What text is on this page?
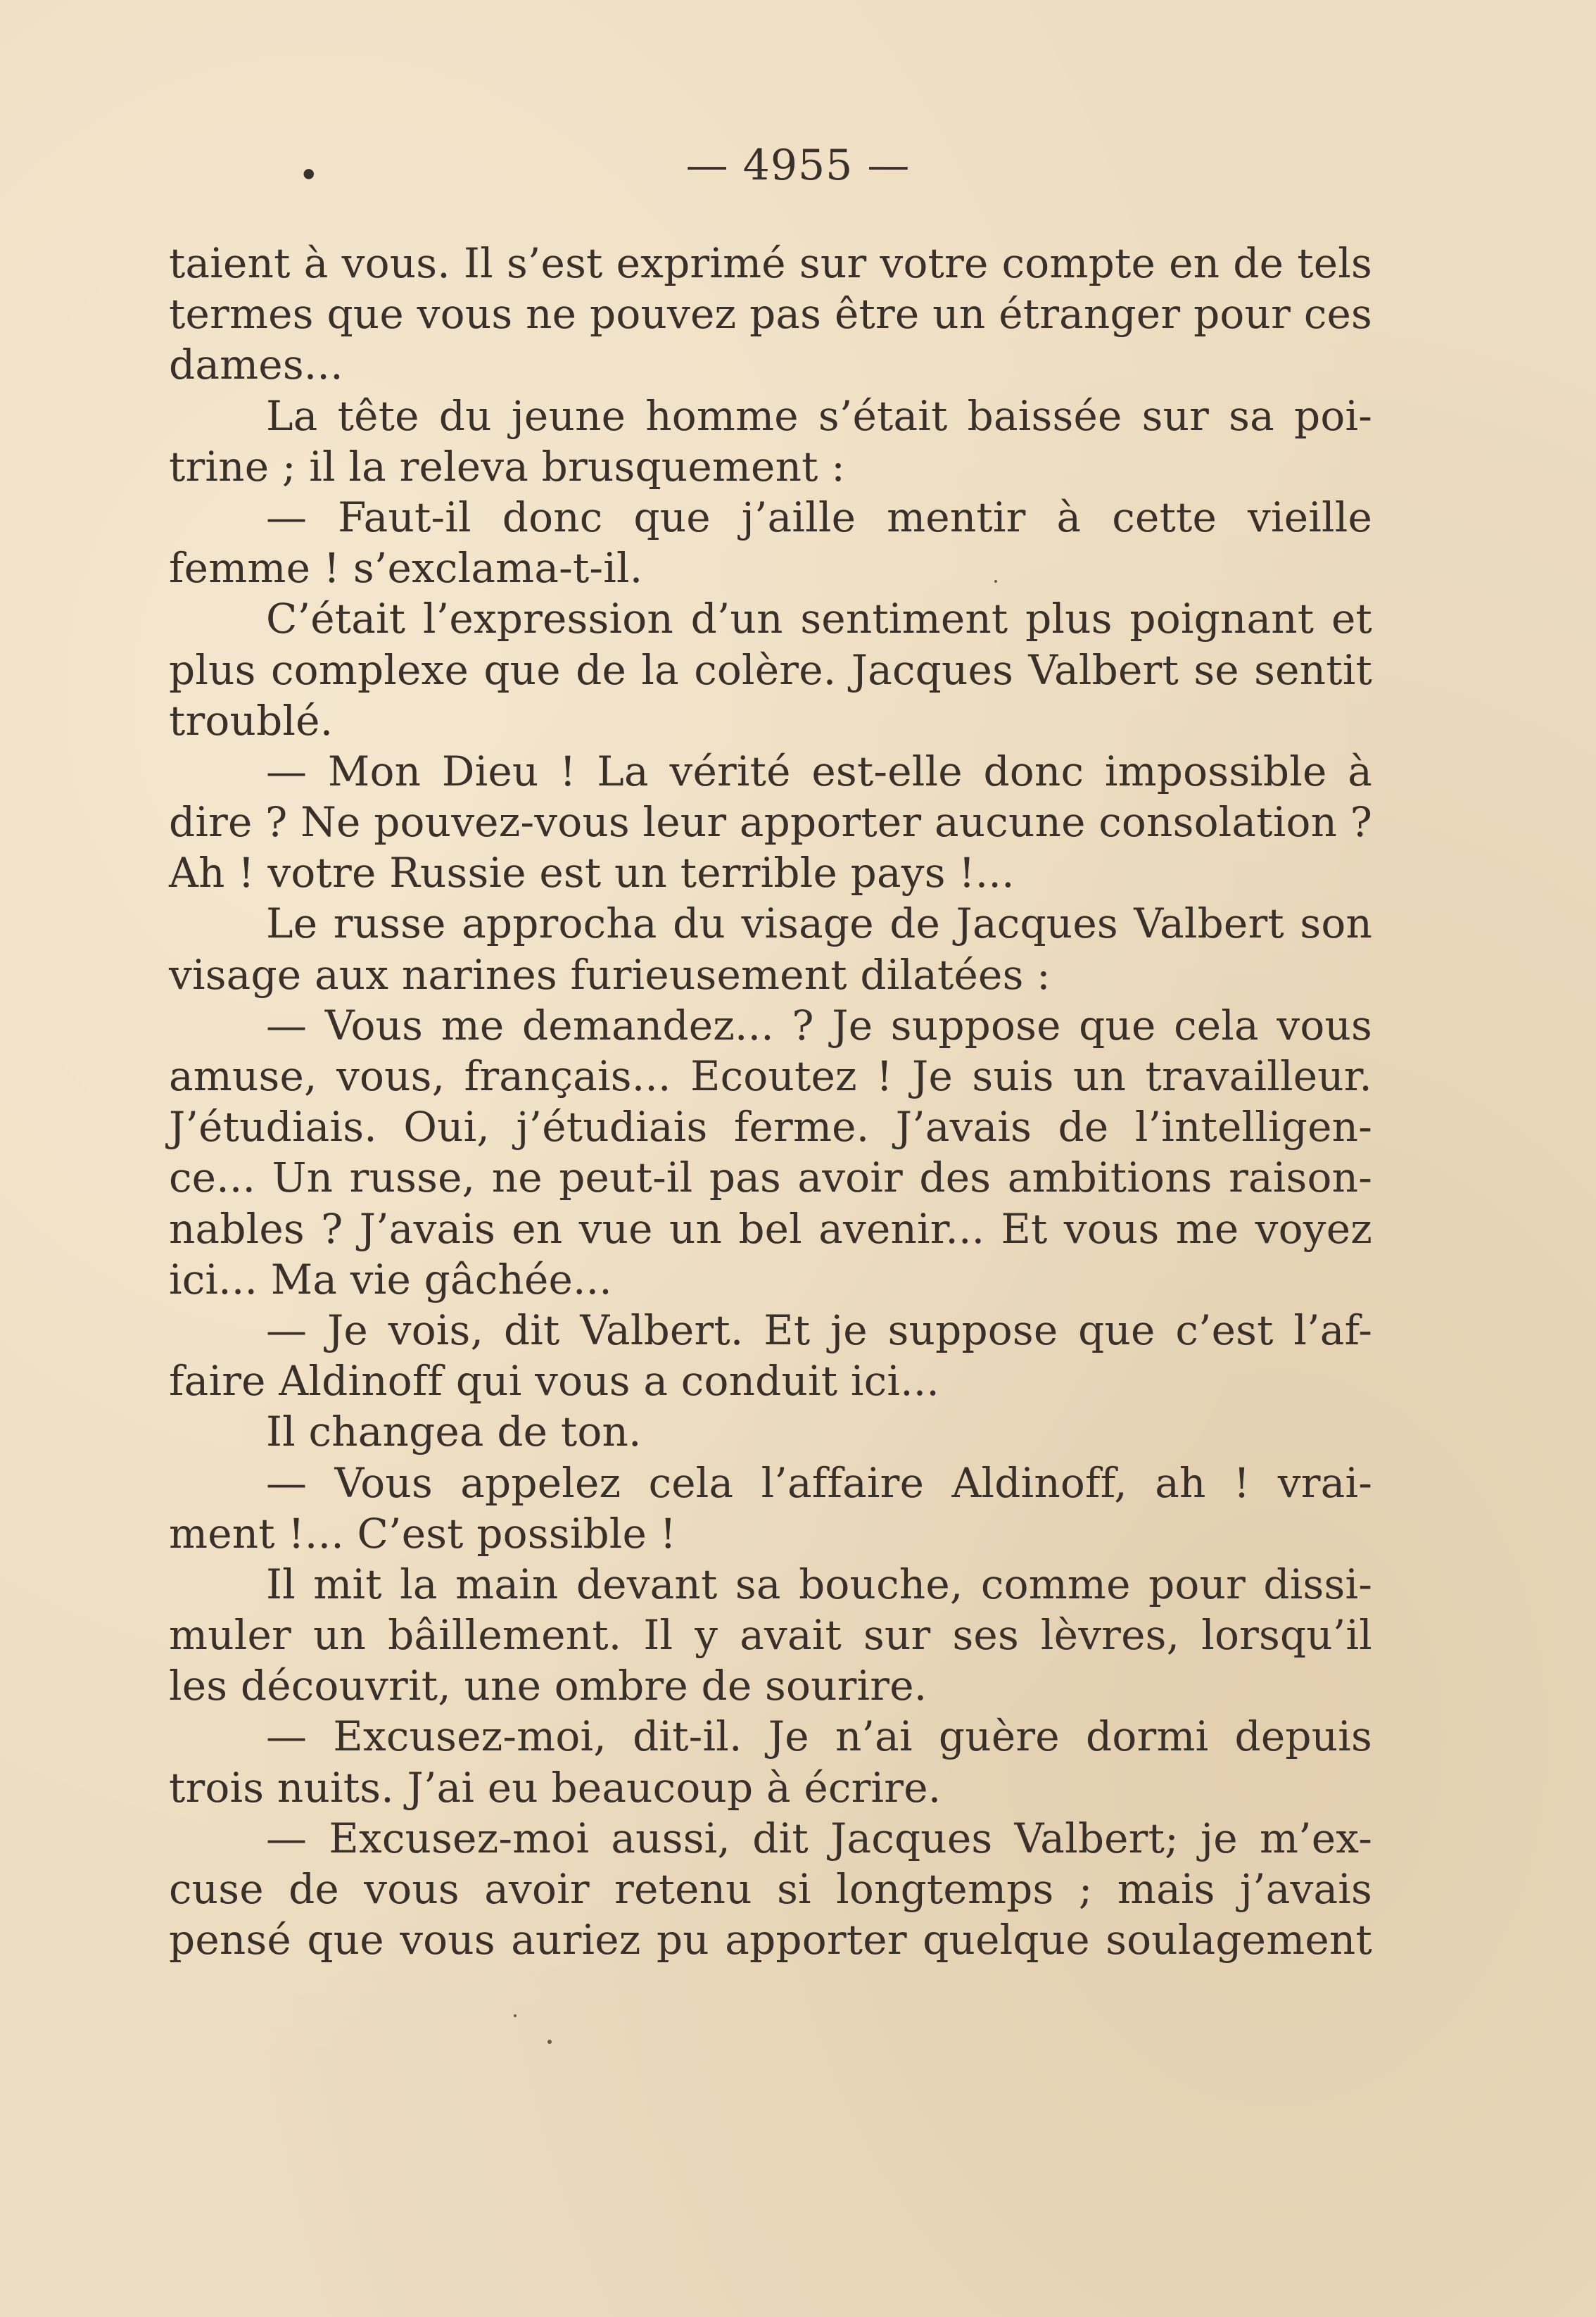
•	— 4955 —
taient à vous. Il s’est exprimé sur votre compte en de tels
termes que vous ne pouvez pas être un étranger pour ces
dames...
La tête du jeune homme s’était baissée sur sa poi-
trine ; il la releva brusquement :
— Faut-il donc que j’aille mentir à cette vieille
femme ! s’exclama-t-il.
C’était l’expression d’un sentiment plus poignant et
plus complexe que de la colère. Jacques Valbert se sentit
troublé.
— Mon Dieu ! La vérité est-elle donc impossible à
dire ? Ne pouvez-vous leur apporter aucune consolation ?
Ah ! votre Russie est un terrible pays !...
Le russe approcha du visage de Jacques Valbert son
visage aux narines furieusement dilatées :
— Vous me demandez... ? Je suppose que cela vous
amuse, vous, français... Ecoutez ! Je suis un travailleur.
J’étudiais. Oui, j’étudiais ferme. J’avais de l’intelligen-
ce... Un russe, ne peut-il pas avoir des ambitions raison-
nables ? J’avais en vue un bel avenir... Et vous me voyez
ici... Ma vie gâchée...
— Je vois, dit Valbert. Et je suppose que c’est l’af-
faire Aldinoff qui vous a conduit ici...
Il changea de ton.
— Vous appelez cela l’affaire Aldinoff, ah ! vrai-
ment !... C’est possible !
Il mit la main devant sa bouche, comme pour dissi-
muler un bâillement. Il y avait sur ses lèvres, lorsqu’il
les découvrit, une ombre de sourire.
— Excusez-moi, dit-il. Je n’ai guère dormi depuis
trois nuits. J’ai eu beaucoup à écrire.
— Excusez-moi aussi, dit Jacques Valbert; je m’ex-
cuse de vous avoir retenu si longtemps ; mais j’avais
pensé que vous auriez pu apporter quelque soulagement
